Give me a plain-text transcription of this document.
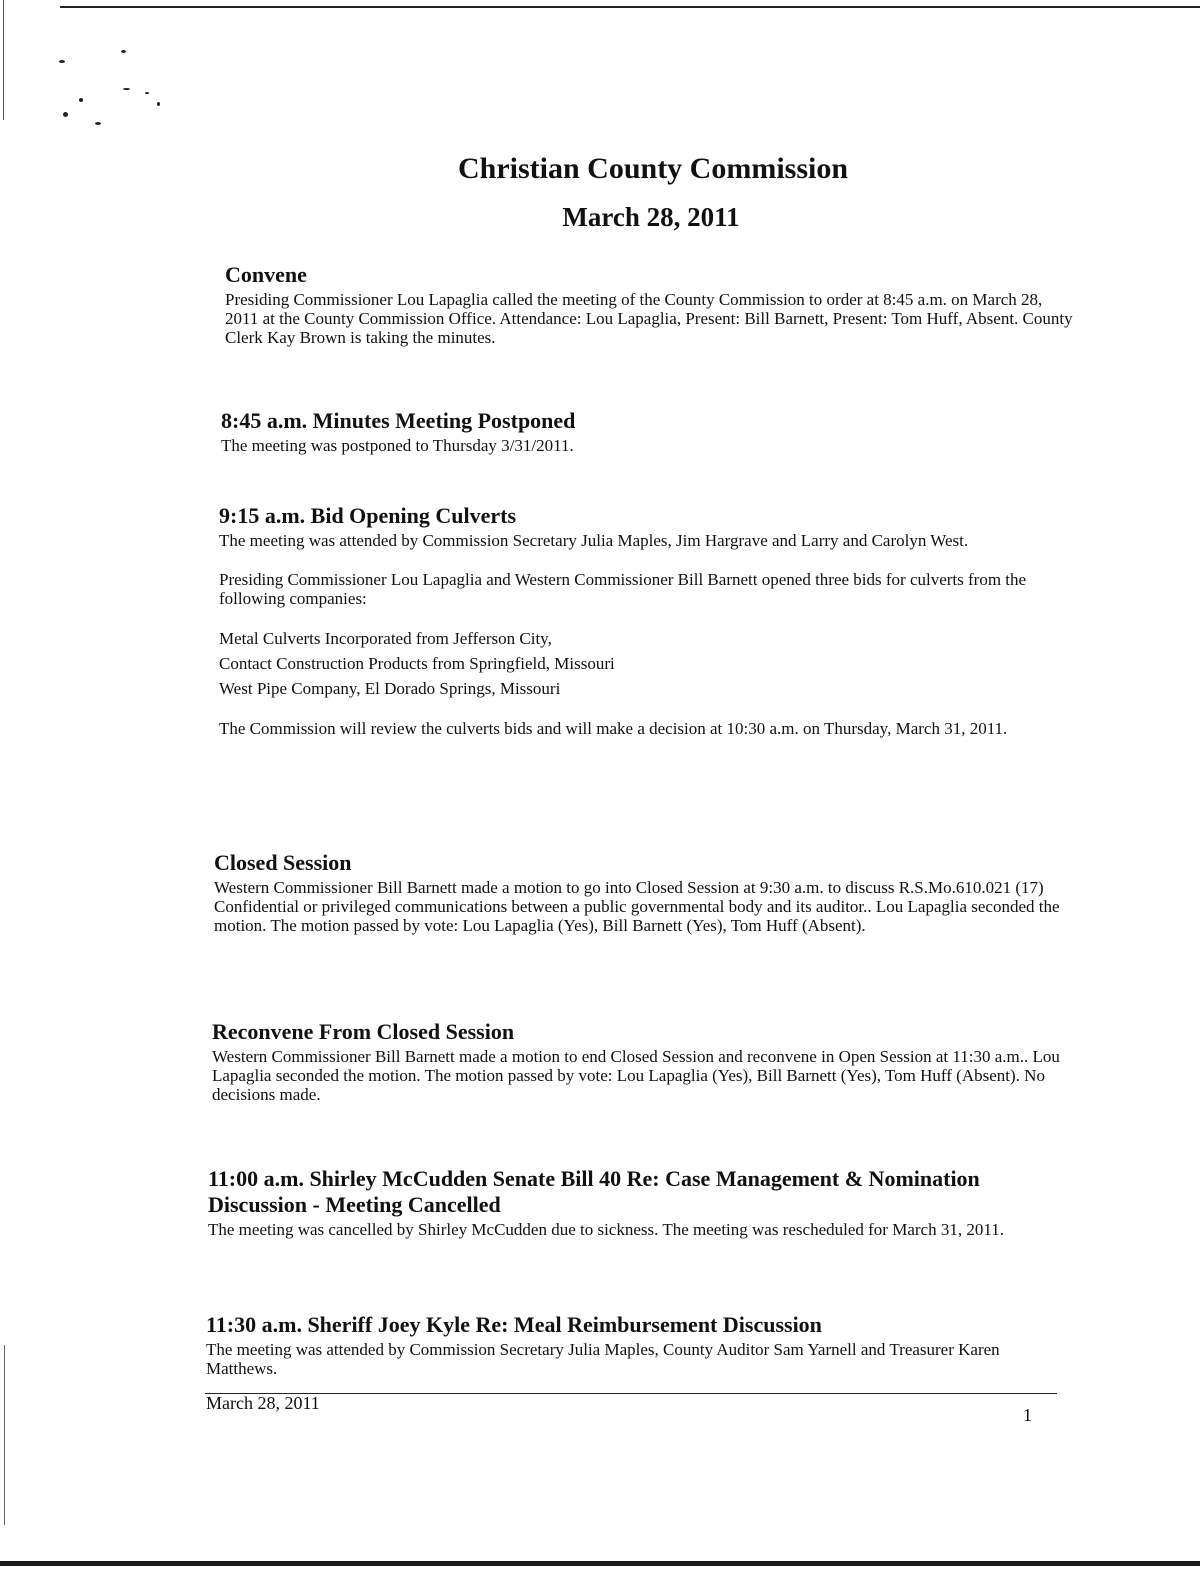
Christian County Commission
March 28, 2011
Convene

Presiding Commissioner Lou Lapaglia called the meeting of the County Commission to order at 8:45 a.m. on March 28, 2011 at the County Commission Office. Attendance: Lou Lapaglia, Present: Bill Barnett, Present: Tom Huff, Absent. County Clerk Kay Brown is taking the minutes.

8:45 a.m. Minutes Meeting Postponed

The meeting was postponed to Thursday 3/31/2011.

9:15 a.m. Bid Opening Culverts

The meeting was attended by Commission Secretary Julia Maples, Jim Hargrave and Larry and Carolyn West.

Presiding Commissioner Lou Lapaglia and Western Commissioner Bill Barnett opened three bids for culverts from the following companies:

Metal Culverts Incorporated from Jefferson City,
Contact Construction Products from Springfield, Missouri
West Pipe Company, El Dorado Springs, Missouri

The Commission will review the culverts bids and will make a decision at 10:30 a.m. on Thursday, March 31, 2011.

Closed Session

Western Commissioner Bill Barnett made a motion to go into Closed Session at 9:30 a.m. to discuss R.S.Mo.610.021 (17) Confidential or privileged communications between a public governmental body and its auditor.. Lou Lapaglia seconded the motion. The motion passed by vote: Lou Lapaglia (Yes), Bill Barnett (Yes), Tom Huff (Absent).

Reconvene From Closed Session

Western Commissioner Bill Barnett made a motion to end Closed Session and reconvene in Open Session at 11:30 a.m.. Lou Lapaglia seconded the motion. The motion passed by vote: Lou Lapaglia (Yes), Bill Barnett (Yes), Tom Huff (Absent). No decisions made.

11:00 a.m. Shirley McCudden Senate Bill 40 Re: Case Management & Nomination Discussion - Meeting Cancelled

The meeting was cancelled by Shirley McCudden due to sickness. The meeting was rescheduled for March 31, 2011.

11:30 a.m. Sheriff Joey Kyle Re: Meal Reimbursement Discussion

The meeting was attended by Commission Secretary Julia Maples, County Auditor Sam Yarnell and Treasurer Karen Matthews.

March 28, 2011
1
